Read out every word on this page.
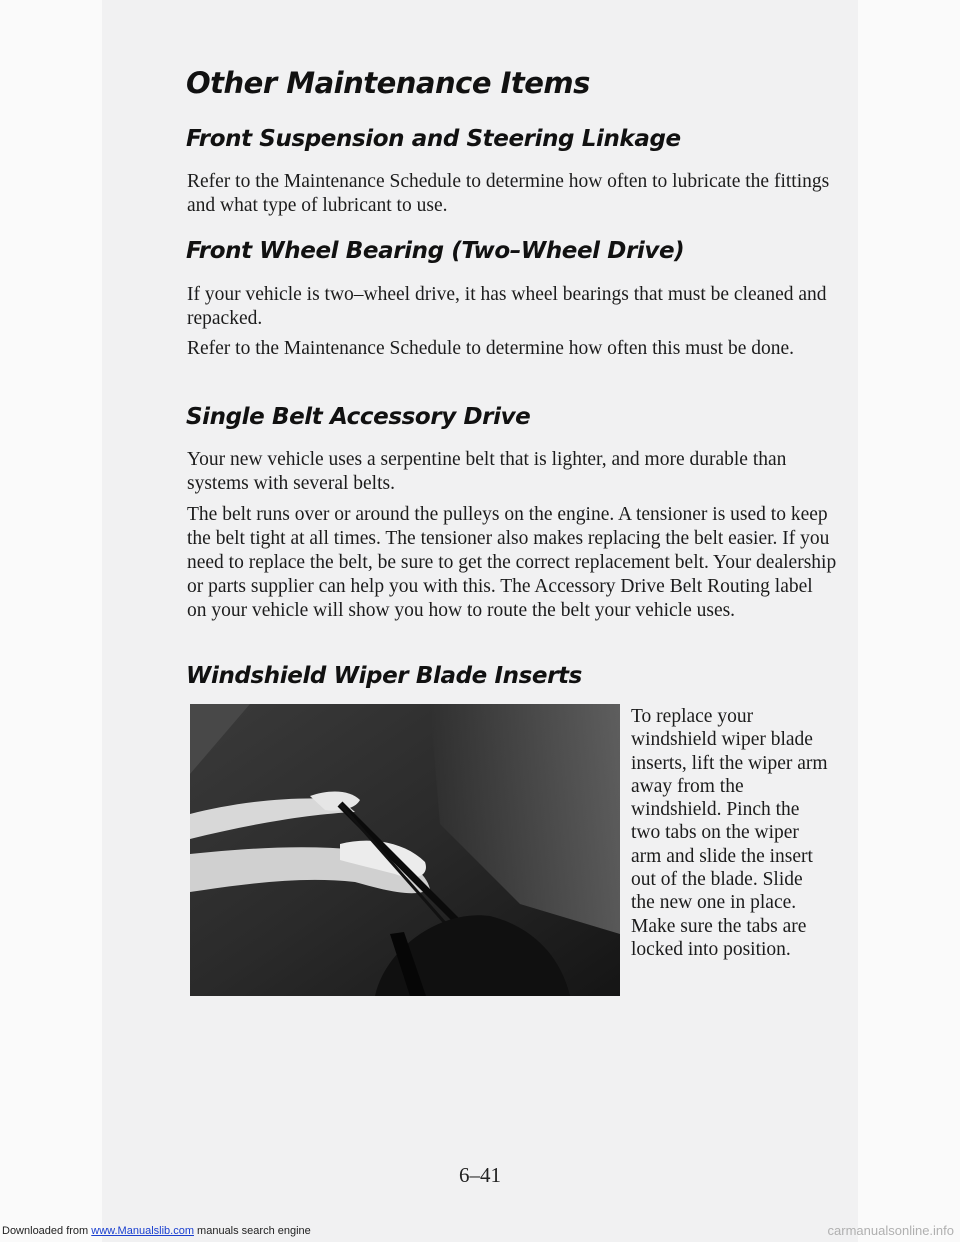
Other Maintenance Items
Front Suspension and Steering Linkage

Refer to the Maintenance Schedule to determine how often to lubricate the fittings and what type of lubricant to use.

Front Wheel Bearing (Two–Wheel Drive)

If your vehicle is two–wheel drive, it has wheel bearings that must be cleaned and repacked.

Refer to the Maintenance Schedule to determine how often this must be done.

Single Belt Accessory Drive

Your new vehicle uses a serpentine belt that is lighter, and more durable than systems with several belts.

The belt runs over or around the pulleys on the engine. A tensioner is used to keep the belt tight at all times. The tensioner also makes replacing the belt easier. If you need to replace the belt, be sure to get the correct replacement belt. Your dealership or parts supplier can help you with this. The Accessory Drive Belt Routing label on your vehicle will show you how to route the belt your vehicle uses.

Windshield Wiper Blade Inserts

To replace your windshield wiper blade inserts, lift the wiper arm away from the windshield. Pinch the two tabs on the wiper arm and slide the insert out of the blade. Slide the new one in place. Make sure the tabs are locked into position.

6–41
Downloaded from www.Manualslib.com manuals search engine	carmanualsonline.info
